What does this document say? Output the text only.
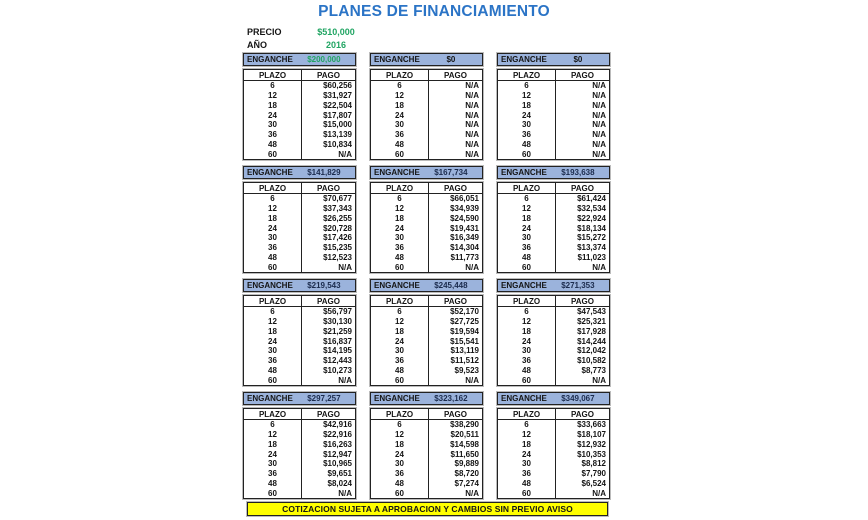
PLANES DE FINANCIAMIENTO
PRECIO	$510,000
AÑO	2016
ENGANCHE	$200,000
PLAZO	PAGO
6	$60,256
12	$31,927
18	$22,504
24	$17,807
30	$15,000
36	$13,139
48	$10,834
60	N/A
ENGANCHE	$0
PLAZO	PAGO
6	N/A
12	N/A
18	N/A
24	N/A
30	N/A
36	N/A
48	N/A
60	N/A
ENGANCHE	$0
PLAZO	PAGO
6	N/A
12	N/A
18	N/A
24	N/A
30	N/A
36	N/A
48	N/A
60	N/A
ENGANCHE	$141,829
PLAZO	PAGO
6	$70,677
12	$37,343
18	$26,255
24	$20,728
30	$17,426
36	$15,235
48	$12,523
60	N/A
ENGANCHE	$167,734
PLAZO	PAGO
6	$66,051
12	$34,939
18	$24,590
24	$19,431
30	$16,349
36	$14,304
48	$11,773
60	N/A
ENGANCHE	$193,638
PLAZO	PAGO
6	$61,424
12	$32,534
18	$22,924
24	$18,134
30	$15,272
36	$13,374
48	$11,023
60	N/A
ENGANCHE	$219,543
PLAZO	PAGO
6	$56,797
12	$30,130
18	$21,259
24	$16,837
30	$14,195
36	$12,443
48	$10,273
60	N/A
ENGANCHE	$245,448
PLAZO	PAGO
6	$52,170
12	$27,725
18	$19,594
24	$15,541
30	$13,119
36	$11,512
48	$9,523
60	N/A
ENGANCHE	$271,353
PLAZO	PAGO
6	$47,543
12	$25,321
18	$17,928
24	$14,244
30	$12,042
36	$10,582
48	$8,773
60	N/A
ENGANCHE	$297,257
PLAZO	PAGO
6	$42,916
12	$22,916
18	$16,263
24	$12,947
30	$10,965
36	$9,651
48	$8,024
60	N/A
ENGANCHE	$323,162
PLAZO	PAGO
6	$38,290
12	$20,511
18	$14,598
24	$11,650
30	$9,889
36	$8,720
48	$7,274
60	N/A
ENGANCHE	$349,067
PLAZO	PAGO
6	$33,663
12	$18,107
18	$12,932
24	$10,353
30	$8,812
36	$7,790
48	$6,524
60	N/A
COTIZACION SUJETA A APROBACION Y CAMBIOS SIN PREVIO AVISO
